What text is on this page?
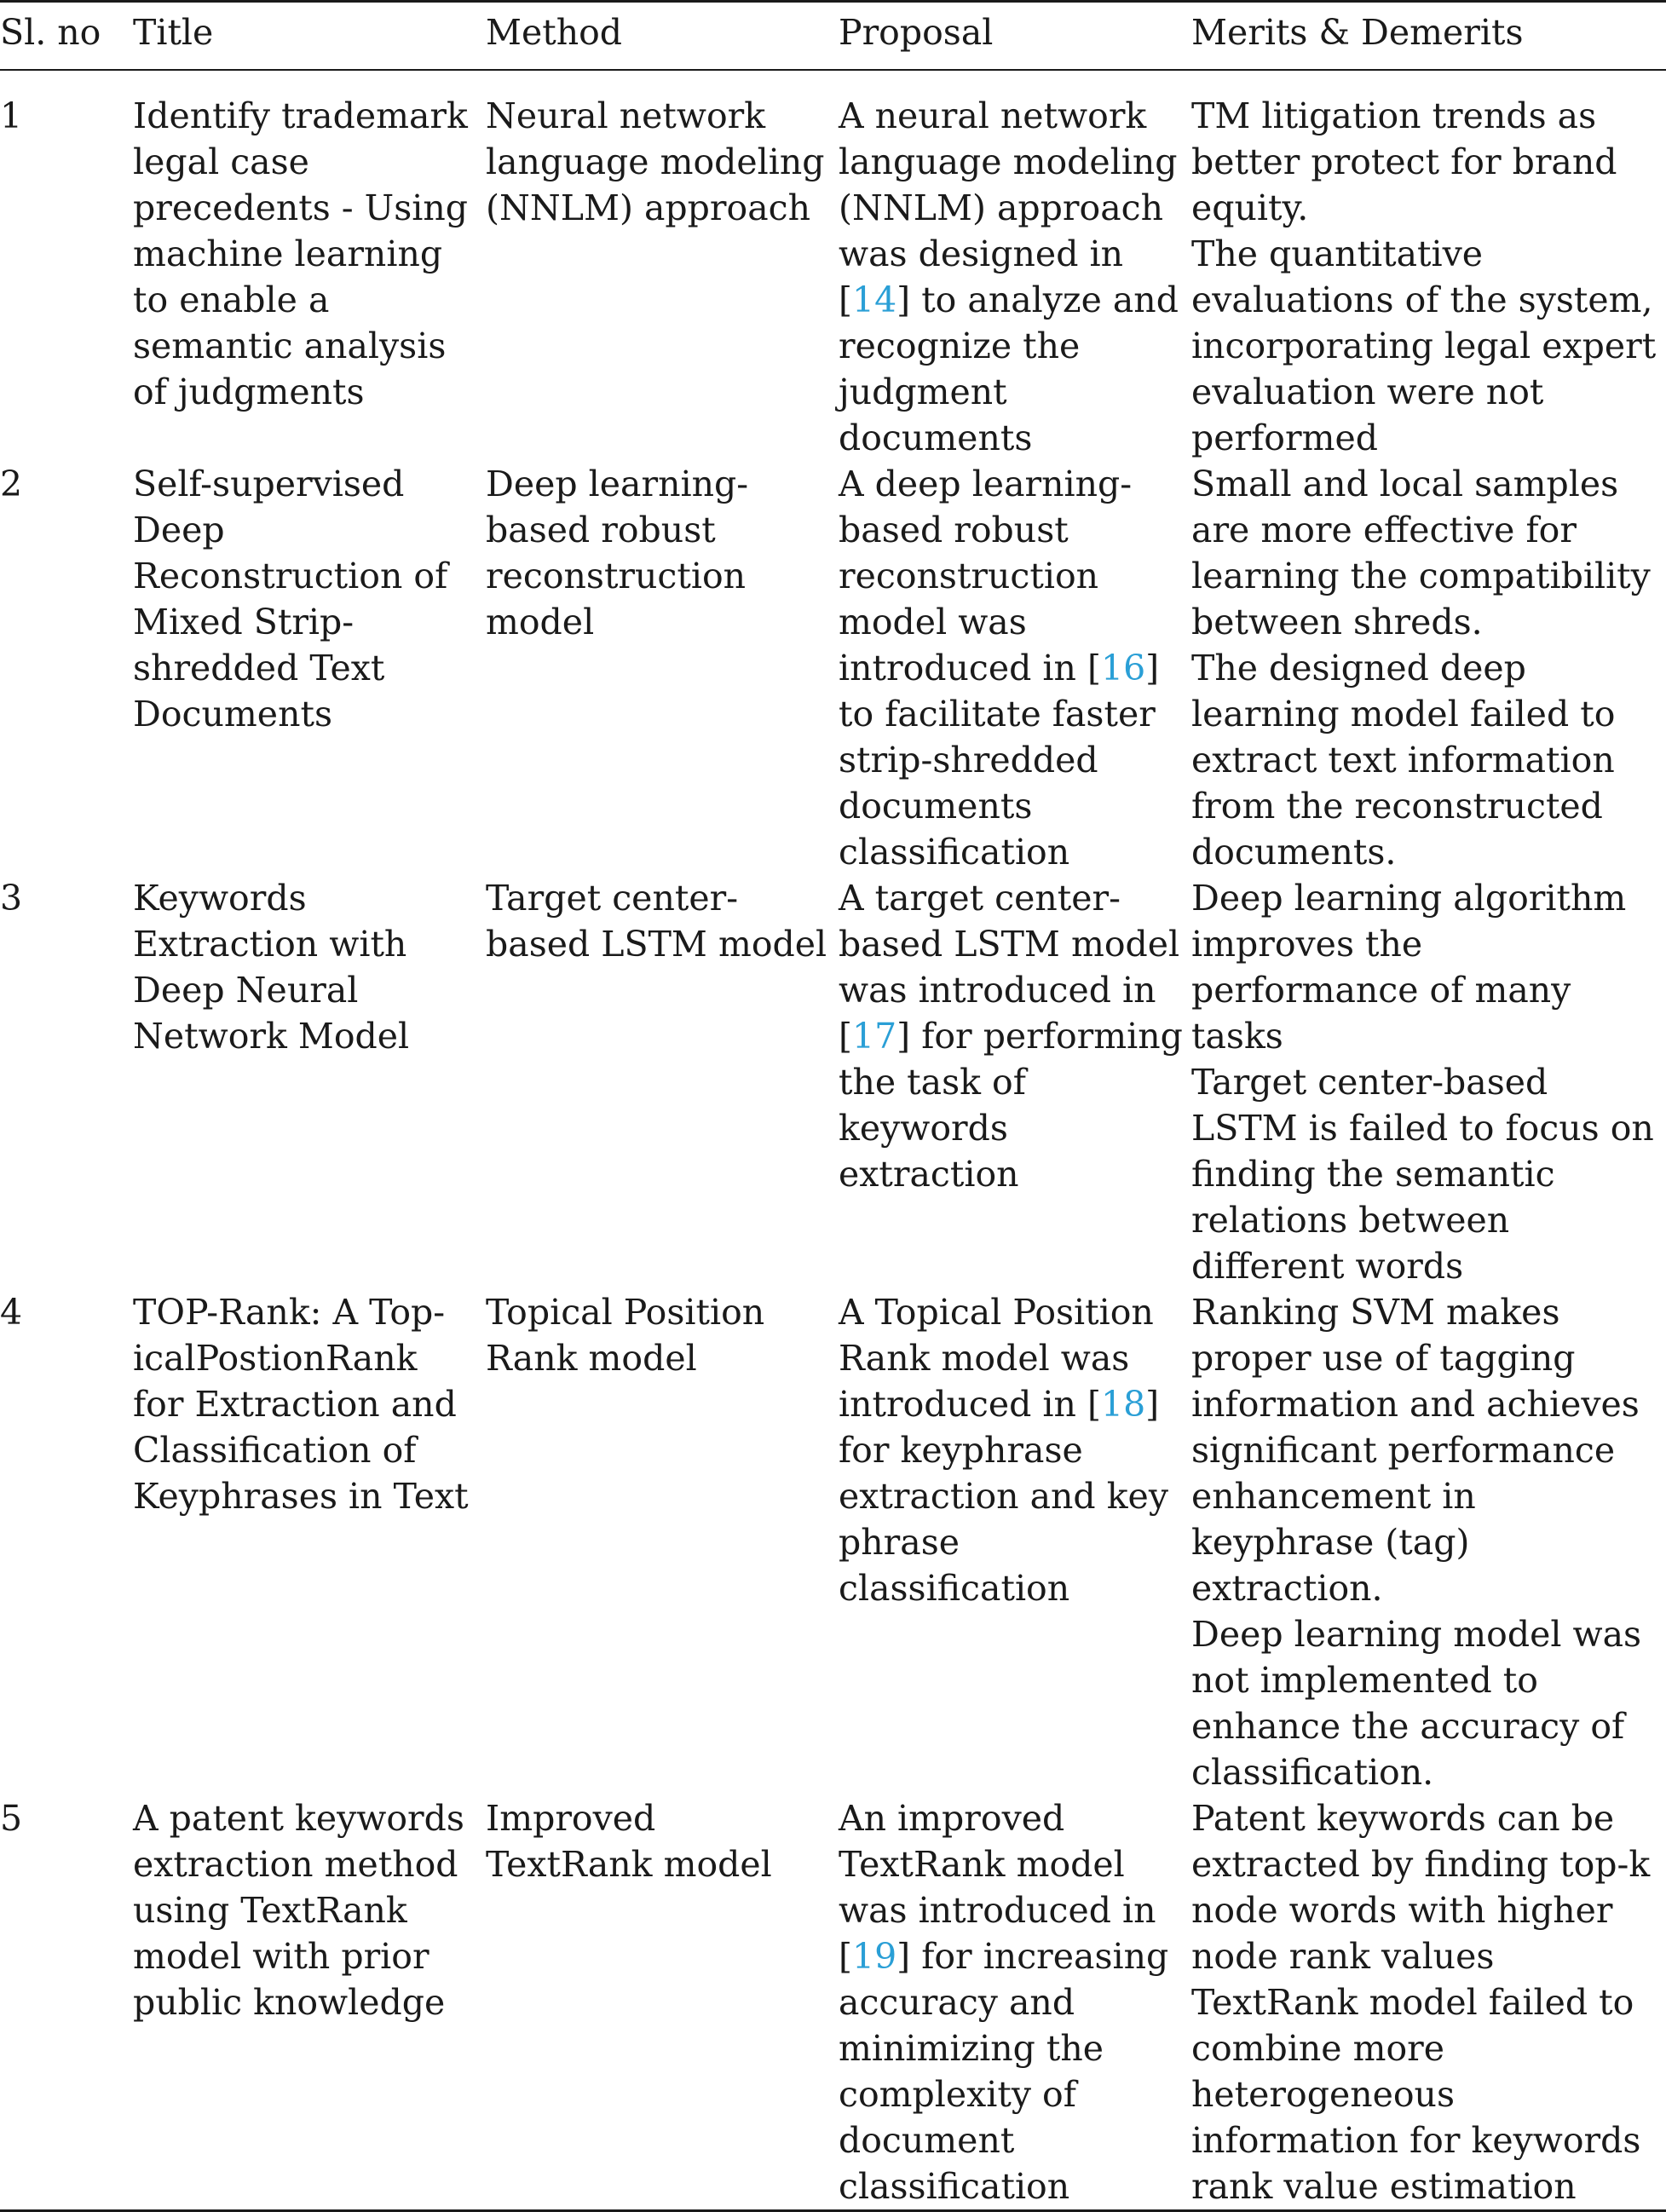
Sl. no	Title	Method	Proposal	Merits & Demerits

1	Identify trademark legal case precedents - Using machine learning to enable a semantic analysis of judgments	Neural network language modeling (NNLM) approach	A neural network language modeling (NNLM) approach was designed in [14] to analyze and recognize the judgment documents	TM litigation trends as better protect for brand equity.
The quantitative evaluations of the system, incorporating legal expert evaluation were not performed

2	Self-supervised Deep Reconstruction of Mixed Strip-shredded Text Documents	Deep learning-based robust reconstruction model	A deep learning-based robust reconstruction model was introduced in [16] to facilitate faster strip-shredded documents classification	Small and local samples are more effective for learning the compatibility between shreds.
The designed deep learning model failed to extract text information from the reconstructed documents.

3	Keywords Extraction with Deep Neural Network Model	Target center-based LSTM model	A target center-based LSTM model was introduced in [17] for performing the task of keywords extraction	Deep learning algorithm improves the performance of many tasks
Target center-based LSTM is failed to focus on finding the semantic relations between different words

4	TOP-Rank: A Top-icalPostionRank for Extraction and Classification of Keyphrases in Text	Topical Position Rank model	A Topical Position Rank model was introduced in [18] for keyphrase extraction and key phrase classification	Ranking SVM makes proper use of tagging information and achieves significant performance enhancement in keyphrase (tag) extraction.
Deep learning model was not implemented to enhance the accuracy of classification.

5	A patent keywords extraction method using TextRank model with prior public knowledge	Improved TextRank model	An improved TextRank model was introduced in [19] for increasing accuracy and minimizing the complexity of document classification	Patent keywords can be extracted by finding top-k node words with higher node rank values
TextRank model failed to combine more heterogeneous information for keywords rank value estimation
